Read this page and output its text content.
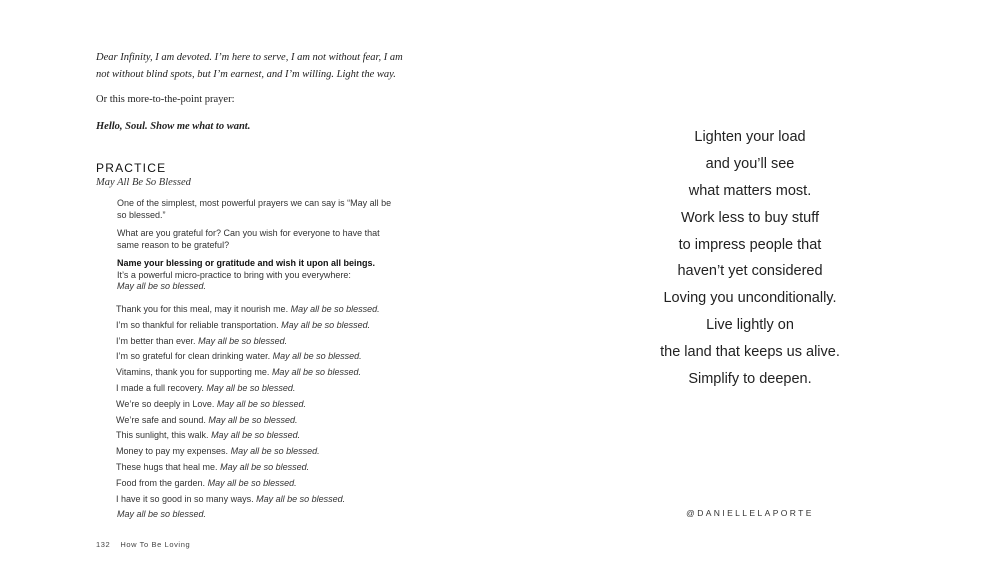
Dear Infinity, I am devoted. I’m here to serve, I am not without fear, I am not without blind spots, but I’m earnest, and I’m willing. Light the way.
Or this more-to-the-point prayer:
Hello, Soul. Show me what to want.
PRACTICE
May All Be So Blessed
One of the simplest, most powerful prayers we can say is “May all be so blessed.”
What are you grateful for? Can you wish for everyone to have that same reason to be grateful?
Name your blessing or gratitude and wish it upon all beings.
It’s a powerful micro-practice to bring with you everywhere:
May all be so blessed.
Thank you for this meal, may it nourish me. May all be so blessed.
I’m so thankful for reliable transportation. May all be so blessed.
I’m better than ever. May all be so blessed.
I’m so grateful for clean drinking water. May all be so blessed.
Vitamins, thank you for supporting me. May all be so blessed.
I made a full recovery. May all be so blessed.
We’re so deeply in Love. May all be so blessed.
We’re safe and sound. May all be so blessed.
This sunlight, this walk. May all be so blessed.
Money to pay my expenses. May all be so blessed.
These hugs that heal me. May all be so blessed.
Food from the garden. May all be so blessed.
I have it so good in so many ways. May all be so blessed.
May all be so blessed.
132 How To Be Loving
Lighten your load
and you’ll see
what matters most.
Work less to buy stuff
to impress people that
haven’t yet considered
Loving you unconditionally.
Live lightly on
the land that keeps us alive.
Simplify to deepen.
@DANIELLELAPORTE
